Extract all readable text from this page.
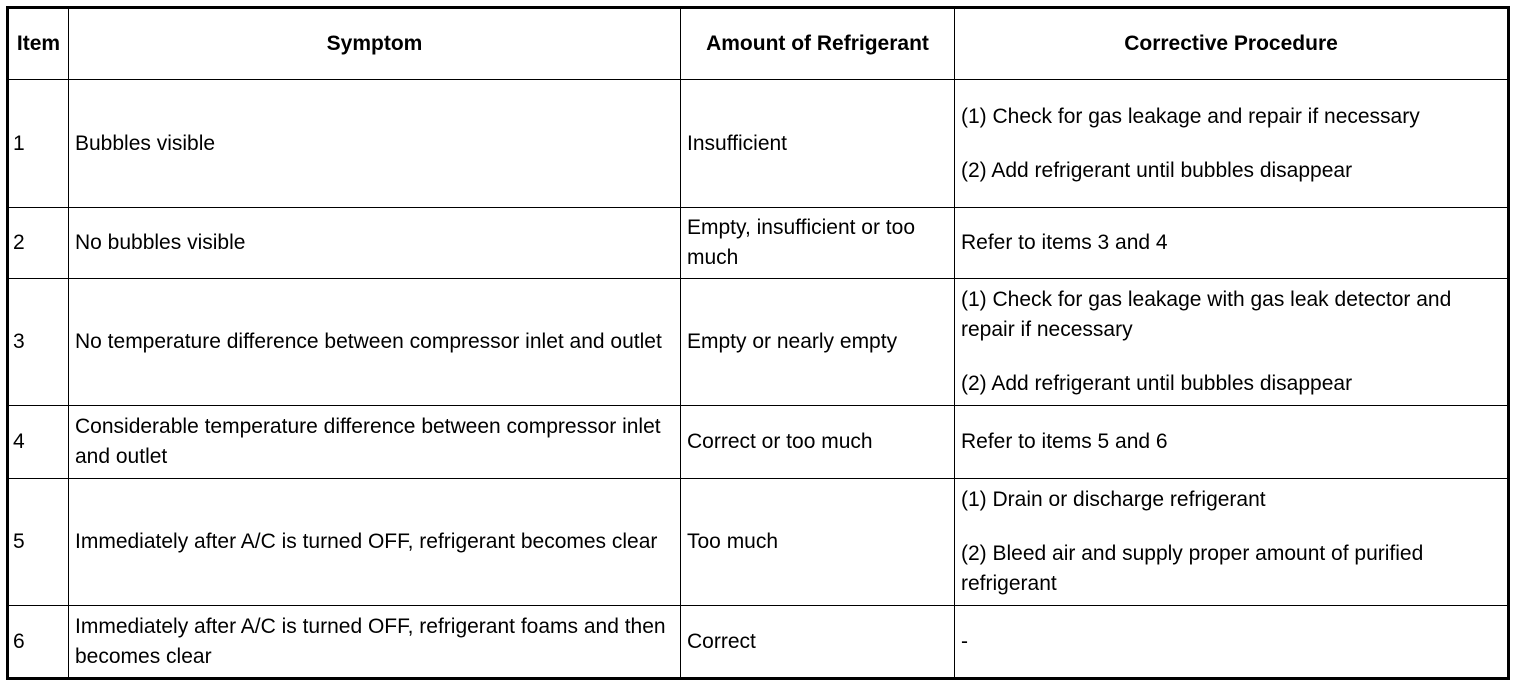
Item	Symptom	Amount of Refrigerant	Corrective Procedure
1	Bubbles visible	Insufficient	(1) Check for gas leakage and repair if necessary
(2) Add refrigerant until bubbles disappear

2	No bubbles visible	Empty, insufficient or too much	Refer to items 3 and 4

3	No temperature difference between compressor inlet and outlet	Empty or nearly empty	(1) Check for gas leakage with gas leak detector and repair if necessary
(2) Add refrigerant until bubbles disappear

4	Considerable temperature difference between compressor inlet and outlet	Correct or too much	Refer to items 5 and 6

5	Immediately after A/C is turned OFF, refrigerant becomes clear	Too much	(1) Drain or discharge refrigerant
(2) Bleed air and supply proper amount of purified refrigerant

6	Immediately after A/C is turned OFF, refrigerant foams and then becomes clear	Correct	-
